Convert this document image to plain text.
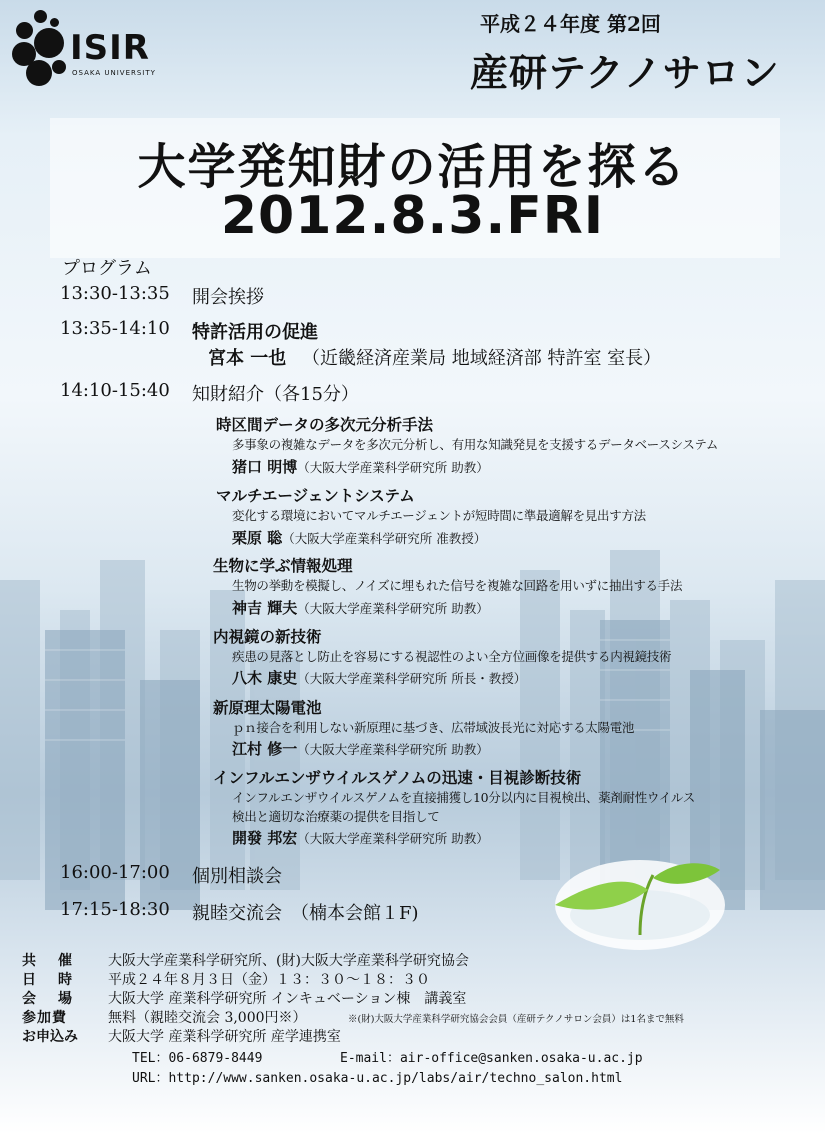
ISIR
OSAKA UNIVERSITY
平成２４年度 第2回
産研テクノサロン
大学発知財の活用を探る
2012.8.3.FRI
プログラム
13:30-13:35 開会挨拶
13:35-14:10 特許活用の促進
宮本 一也 （近畿経済産業局 地域経済部 特許室 室長）
14:10-15:40 知財紹介（各15分）
時区間データの多次元分析手法
多事象の複雑なデータを多次元分析し、有用な知識発見を支援するデータベースシステム
猪口 明博（大阪大学産業科学研究所 助教）
マルチエージェントシステム
変化する環境においてマルチエージェントが短時間に準最適解を見出す方法
栗原 聡（大阪大学産業科学研究所 准教授）
生物に学ぶ情報処理
生物の挙動を模擬し、ノイズに埋もれた信号を複雑な回路を用いずに抽出する手法
神吉 輝夫（大阪大学産業科学研究所 助教）
内視鏡の新技術
疾患の見落とし防止を容易にする視認性のよい全方位画像を提供する内視鏡技術
八木 康史（大阪大学産業科学研究所 所長・教授）
新原理太陽電池
ｐｎ接合を利用しない新原理に基づき、広帯域波長光に対応する太陽電池
江村 修一（大阪大学産業科学研究所 助教）
インフルエンザウイルスゲノムの迅速・目視診断技術
インフルエンザウイルスゲノムを直接捕獲し10分以内に目視検出、薬剤耐性ウイルス
検出と適切な治療薬の提供を目指して
開發 邦宏（大阪大学産業科学研究所 助教）
16:00-17:00 個別相談会
17:15-18:30 親睦交流会　（楠本会館１F)
共　催 大阪大学産業科学研究所、(財)大阪大学産業科学研究協会
日　時 平成２４年８月３日（金）１３：３０〜１８：３０
会　場 大阪大学 産業科学研究所 インキュベーション棟　講義室
参加費	無料（親睦交流会 3,000円※）	※(財)大阪大学産業科学研究協会会員（産研テクノサロン会員）は1名まで無料
お申込み 大阪大学 産業科学研究所 産学連携室
TEL：06-6879-8449	E-mail：air-office@sanken.osaka-u.ac.jp
URL：http://www.sanken.osaka-u.ac.jp/labs/air/techno_salon.html
